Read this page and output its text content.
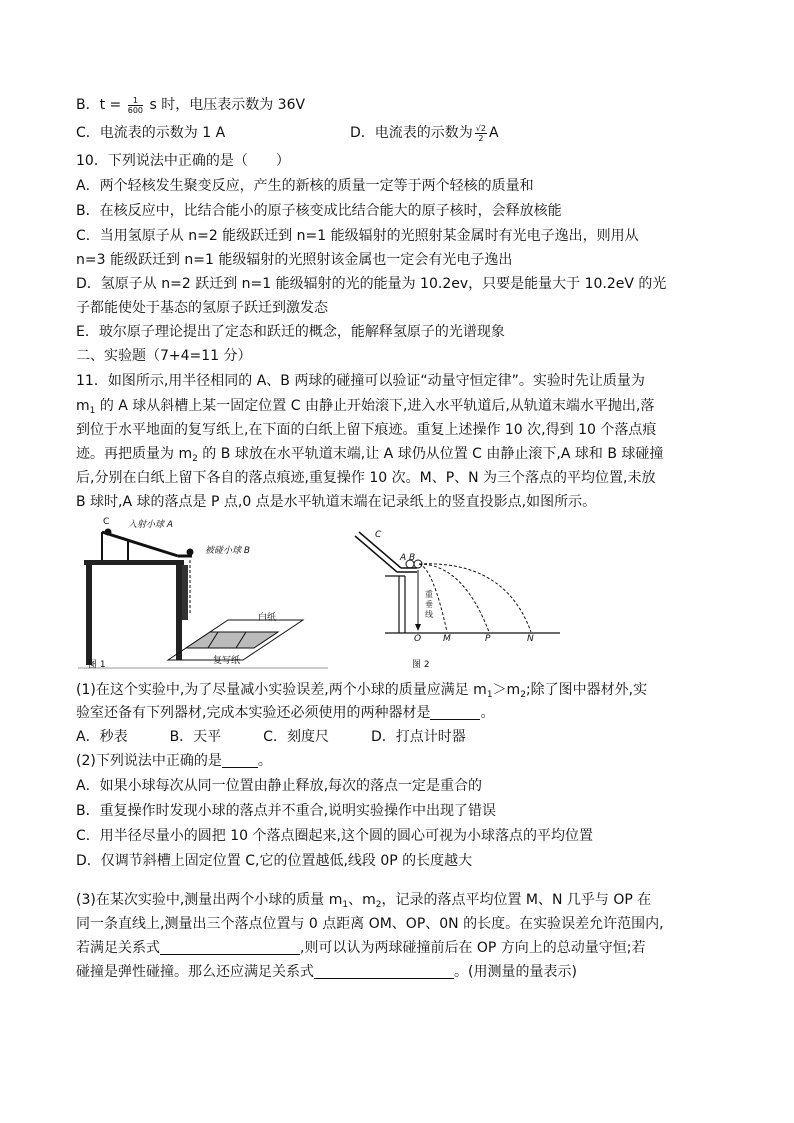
B．$t = \frac{1}{600}$ s 时，电压表示数为 36V
C．电流表的示数为 1 A	D．电流表的示数为 $\frac{√2}{2}$ A
10．下列说法中正确的是（　　）
A．两个轻核发生聚变反应，产生的新核的质量一定等于两个轻核的质量和
B．在核反应中，比结合能小的原子核变成比结合能大的原子核时，会释放核能
C．当用氢原子从 n=2 能级跃迁到 n=1 能级辐射的光照射某金属时有光电子逸出，则用从
n=3 能级跃迁到 n=1 能级辐射的光照射该金属也一定会有光电子逸出
D．氢原子从 n=2 跃迁到 n=1 能级辐射的光的能量为 10.2ev，只要是能量大于 10.2eV 的光
子都能使处于基态的氢原子跃迁到激发态
E．玻尔原子理论提出了定态和跃迁的概念，能解释氢原子的光谱现象
二、实验题（7+4=11 分）
11．如图所示,用半径相同的 A、B 两球的碰撞可以验证“动量守恒定律”。实验时先让质量为
$m_1$ 的 A 球从斜槽上某一固定位置 C 由静止开始滚下,进入水平轨道后,从轨道末端水平抛出,落
到位于水平地面的复写纸上,在下面的白纸上留下痕迹。重复上述操作 10 次,得到 10 个落点痕
迹。再把质量为 $m_2$ 的 B 球放在水平轨道末端,让 A 球仍从位置 C 由静止滚下,A 球和 B 球碰撞
后,分别在白纸上留下各自的落点痕迹,重复操作 10 次。M、P、N 为三个落点的平均位置,未放
B 球时,A 球的落点是 P 点,0 点是水平轨道末端在记录纸上的竖直投影点,如图所示。
C 入射小球 A
被碰小球 B
白纸
复写纸
图 1
C
A B
重垂线
O M	P	N
图 2
(1)在这个实验中,为了尽量减小实验误差,两个小球的质量应满足 $m_1>m_2$;除了图中器材外,实
验室还备有下列器材,完成本实验还必须使用的两种器材是	。
A．秒表　　　B．天平　　　C．刻度尺　　　D．打点计时器
(2)下列说法中正确的是	。
A．如果小球每次从同一位置由静止释放,每次的落点一定是重合的
B．重复操作时发现小球的落点并不重合,说明实验操作中出现了错误
C．用半径尽量小的圆把 10 个落点圈起来,这个圆的圆心可视为小球落点的平均位置
D．仅调节斜槽上固定位置 C,它的位置越低,线段 0P 的长度越大
(3)在某次实验中,测量出两个小球的质量 $m_1$、$m_2$，记录的落点平均位置 M、N 几乎与 OP 在
同一条直线上,测量出三个落点位置与 0 点距离 OM、OP、0N 的长度。在实验误差允许范围内,
若满足关系式	,则可以认为两球碰撞前后在 OP 方向上的总动量守恒;若
碰撞是弹性碰撞。那么还应满足关系式	。(用测量的量表示)
